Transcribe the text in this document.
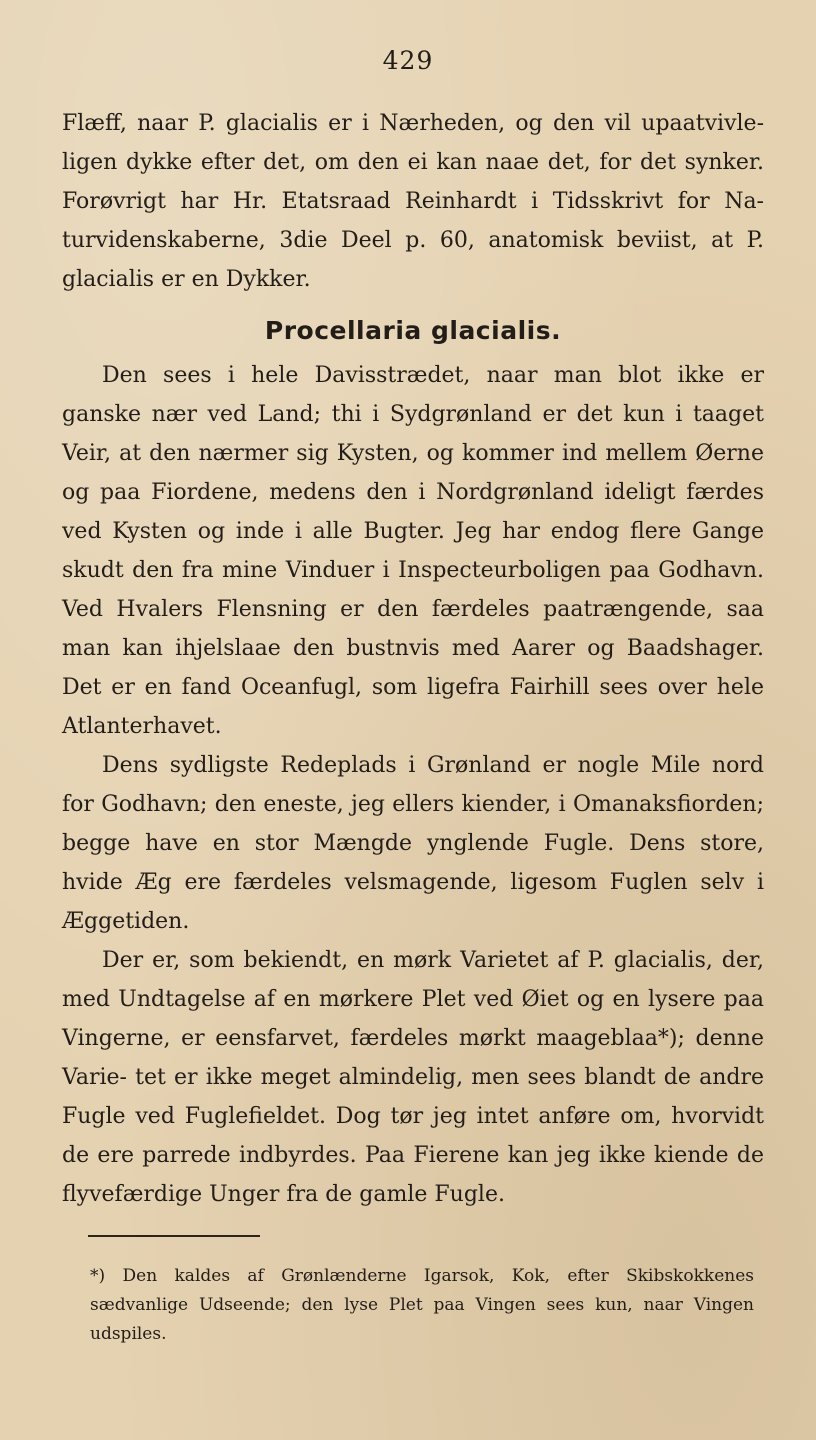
429

Flæff, naar P. glacialis er i Nærheden, og den vil upaatvivle- ligen dykke efter det, om den ei kan naae det, for det synker. Forøvrigt har Hr. Etatsraad Reinhardt i Tidsskrivt for Na- turvidenskaberne, 3die Deel p. 60, anatomisk beviist, at P. glacialis er en Dykker.

Procellaria glacialis.

Den sees i hele Davisstrædet, naar man blot ikke er ganske nær ved Land; thi i Sydgrønland er det kun i taaget Veir, at den nærmer sig Kysten, og kommer ind mellem Øerne og paa Fiordene, medens den i Nordgrønland ideligt færdes ved Kysten og inde i alle Bugter. Jeg har endog flere Gange skudt den fra mine Vinduer i Inspecteurboligen paa Godhavn. Ved Hvalers Flensning er den færdeles paatrængende, saa man kan ihjelslaae den bustnvis med Aarer og Baadshager. Det er en fand Oceanfugl, som ligefra Fairhill sees over hele Atlanterhavet.

Dens sydligste Redeplads i Grønland er nogle Mile nord for Godhavn; den eneste, jeg ellers kiender, i Omanaksfiorden; begge have en stor Mængde ynglende Fugle. Dens store, hvide Æg ere færdeles velsmagende, ligesom Fuglen selv i Æggetiden.

Der er, som bekiendt, en mørk Varietet af P. glacialis, der, med Undtagelse af en mørkere Plet ved Øiet og en lysere paa Vingerne, er eensfarvet, færdeles mørkt maageblaa*); denne Varie- tet er ikke meget almindelig, men sees blandt de andre Fugle ved Fuglefieldet. Dog tør jeg intet anføre om, hvorvidt de ere parrede indbyrdes. Paa Fierene kan jeg ikke kiende de flyvefærdige Unger fra de gamle Fugle.

*) Den kaldes af Grønlænderne Igarsok, Kok, efter Skibskokkenes sædvanlige Udseende; den lyse Plet paa Vingen sees kun, naar Vingen udspiles.
